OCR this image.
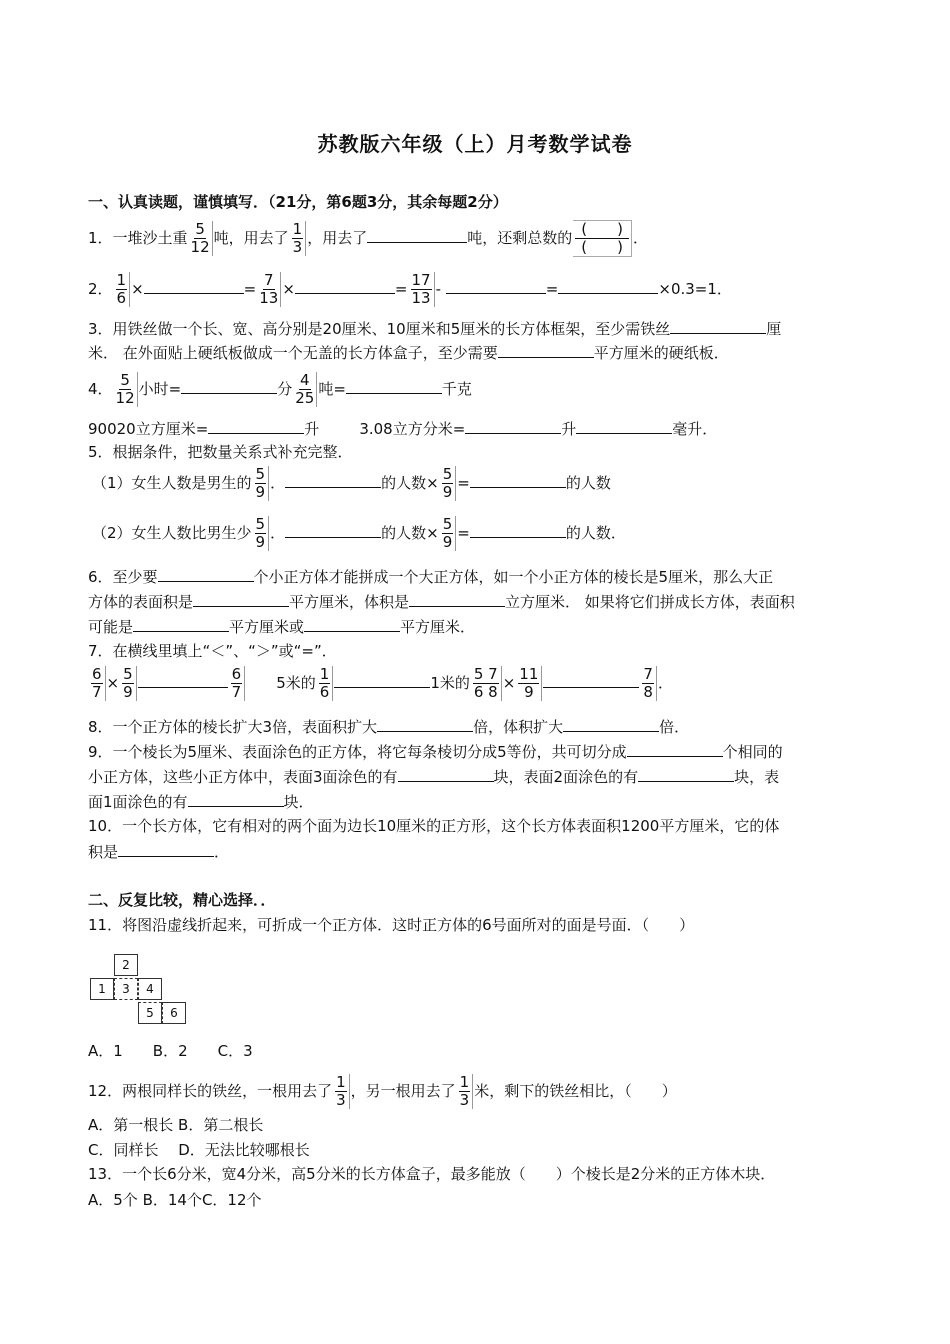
苏教版六年级（上）月考数学试卷
一、认真读题，谨慎填写．（21分，第6题3分，其余每题2分）
1．一堆沙土重 $\frac{5}{12}$ 吨，用去了 $\frac{1}{3}$ ，用去了	吨，还剩总数的 $\frac{( )}{( )}$ ．
2． $\frac{1}{6}$ ×	= $\frac{7}{13}$ ×	= $\frac{17}{13}$ -	=	×0.3=1．
3．用铁丝做一个长、宽、高分别是20厘米、10厘米和5厘米的长方体框架，至少需铁丝	厘
米． 在外面贴上硬纸板做成一个无盖的长方体盒子，至少需要	平方厘米的硬纸板．
4． $\frac{5}{12}$ 小时=	分 $\frac{4}{25}$ 吨=	千克
90020立方厘米=	升	3.08立方分米=	升	毫升．
5．根据条件，把数量关系式补充完整．
（1）女生人数是男生的 $\frac{5}{9}$ ．	的人数× $\frac{5}{9}$ =	的人数
（2）女生人数比男生少 $\frac{5}{9}$ ．	的人数× $\frac{5}{9}$ =	的人数．
6．至少要	个小正方体才能拼成一个大正方体，如一个小正方体的棱长是5厘米，那么大正
方体的表面积是	平方厘米，体积是	立方厘米． 如果将它们拼成长方体，表面积
可能是	平方厘米或	平方厘米．
7．在横线里填上“＜”、“＞”或“=”．
$\frac{6}{7} \times \frac{5}{9}$	$\frac{6}{7} 5$米的 $\frac{1}{6}$	1米的 $\frac{5 7}{6 8} \times \frac{11}{9}$	$\frac{7}{8}$ ．
8．一个正方体的棱长扩大3倍，表面积扩大	倍，体积扩大	倍．
9．一个棱长为5厘米、表面涂色的正方体，将它每条棱切分成5等份，共可切分成	个相同的
小正方体，这些小正方体中，表面3面涂色的有	块，表面2面涂色的有	块，表
面1面涂色的有	块．
10．一个长方体，它有相对的两个面为边长10厘米的正方形，这个长方体表面积1200平方厘米，它的体
积是	．
二、反复比较，精心选择．．
11．将图沿虚线折起来，可折成一个正方体．这时正方体的6号面所对的面是号面．（　　）
2
1	3	4
5	6
A．1　　B．2　　C．3
12．两根同样长的铁丝，一根用去了 $\frac{1}{3}$ ，另一根用去了 $\frac{1}{3}$ 米，剩下的铁丝相比，（　　）
A．第一根长 B．第二根长
C．同样长　 D．无法比较哪根长
13．一个长6分米，宽4分米，高5分米的长方体盒子，最多能放（　　）个棱长是2分米的正方体木块．
A．5个 B．14个C．12个
